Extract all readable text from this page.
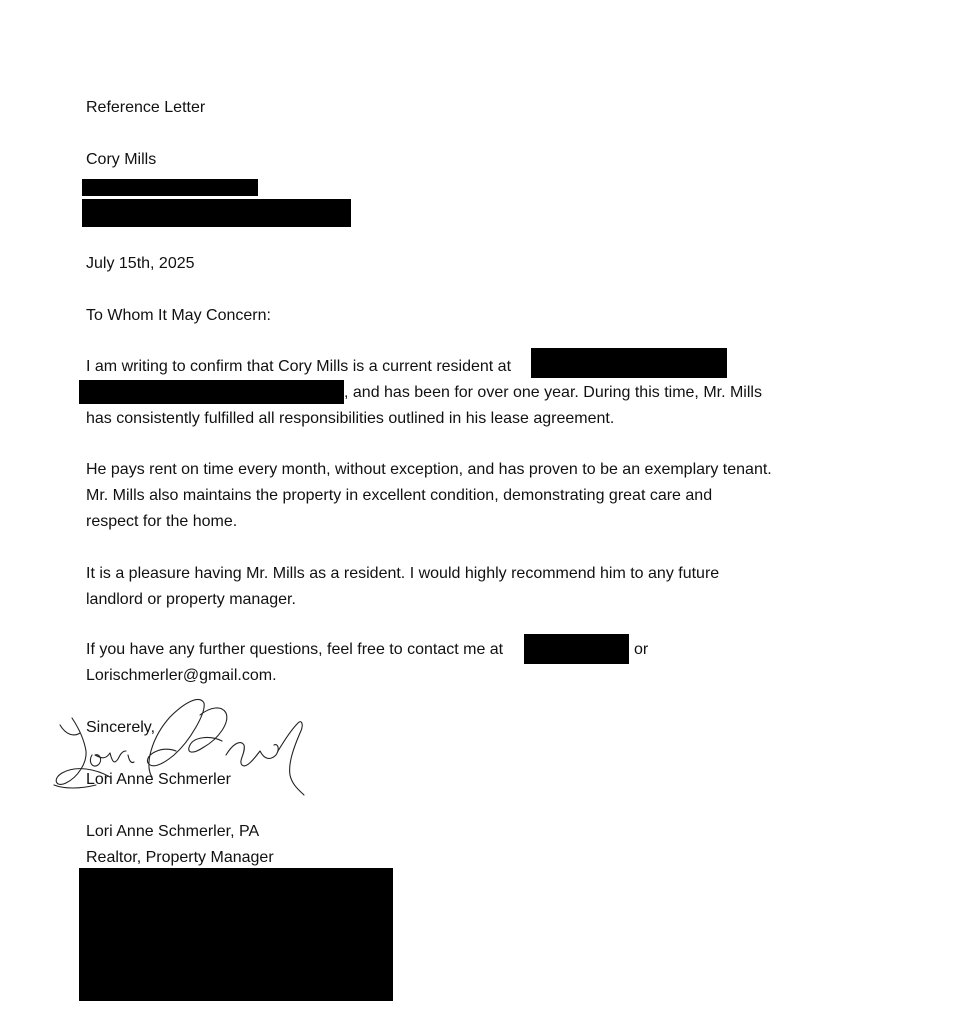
Reference Letter
Cory Mills
July 15th, 2025
To Whom It May Concern:
I am writing to confirm that Cory Mills is a current resident at
, and has been for over one year. During this time, Mr. Mills
has consistently fulfilled all responsibilities outlined in his lease agreement.
He pays rent on time every month, without exception, and has proven to be an exemplary tenant.
Mr. Mills also maintains the property in excellent condition, demonstrating great care and
respect for the home.
It is a pleasure having Mr. Mills as a resident. I would highly recommend him to any future
landlord or property manager.
If you have any further questions, feel free to contact me at	or
Lorischmerler@gmail.com.
Sincerely,
Lori Anne Schmerler
Lori Anne Schmerler, PA
Realtor, Property Manager
